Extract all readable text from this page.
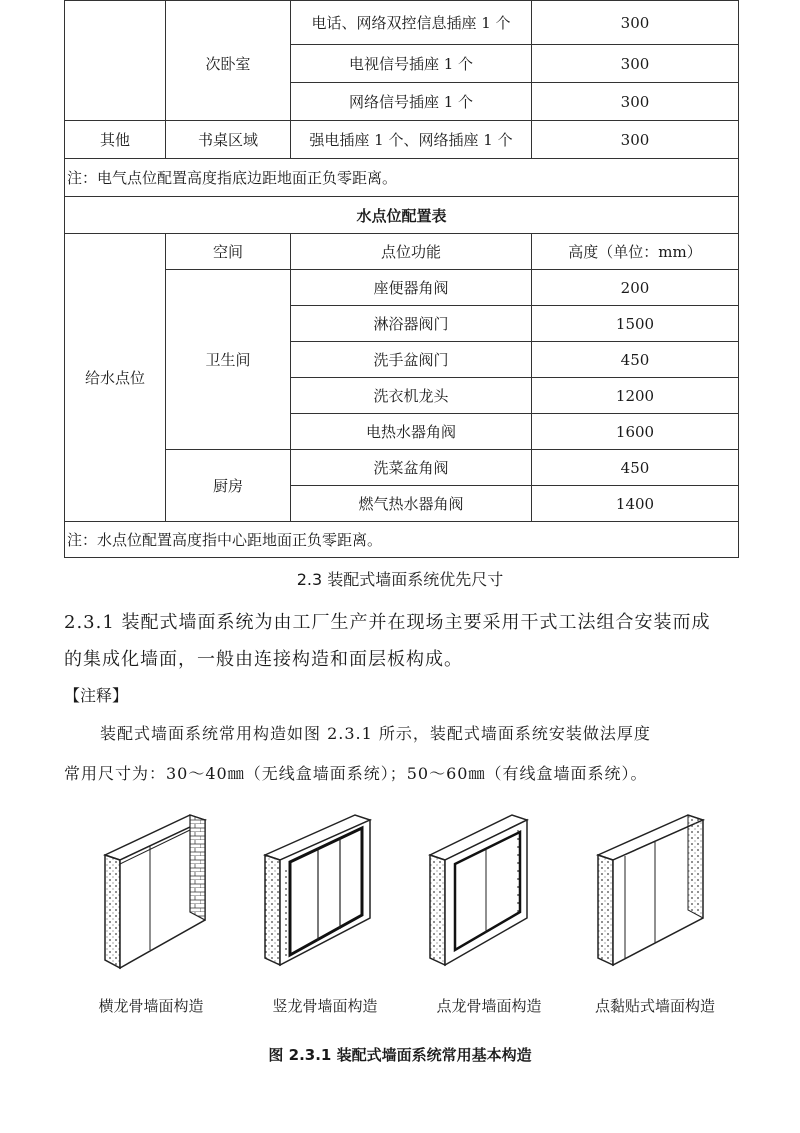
		电话、网络双控信息插座 1 个	300
	次卧室	电视信号插座 1 个	300
		网络信号插座 1 个	300
其他	书桌区域	强电插座 1 个、网络插座 1 个	300
注：电气点位配置高度指底边距地面正负零距离。			
水点位配置表			
给水点位	空间	点位功能	高度（单位：mm）
	卫生间	座便器角阀	200
		淋浴器阀门	1500
		洗手盆阀门	450
		洗衣机龙头	1200
		电热水器角阀	1600
	厨房	洗菜盆角阀	450
		燃气热水器角阀	1400

注：水点位配置高度指中心距地面正负零距离。			
2.3 装配式墙面系统优先尺寸
2.3.1 装配式墙面系统为由工厂生产并在现场主要采用干式工法组合安装而成
的集成化墙面，一般由连接构造和面层板构成。
【注释】
装配式墙面系统常用构造如图 2.3.1 所示，装配式墙面系统安装做法厚度
常用尺寸为：30～40㎜（无线盒墙面系统）；50～60㎜（有线盒墙面系统）。
横龙骨墙面构造	竖龙骨墙面构造	点龙骨墙面构造	点黏贴式墙面构造
图 2.3.1 装配式墙面系统常用基本构造
